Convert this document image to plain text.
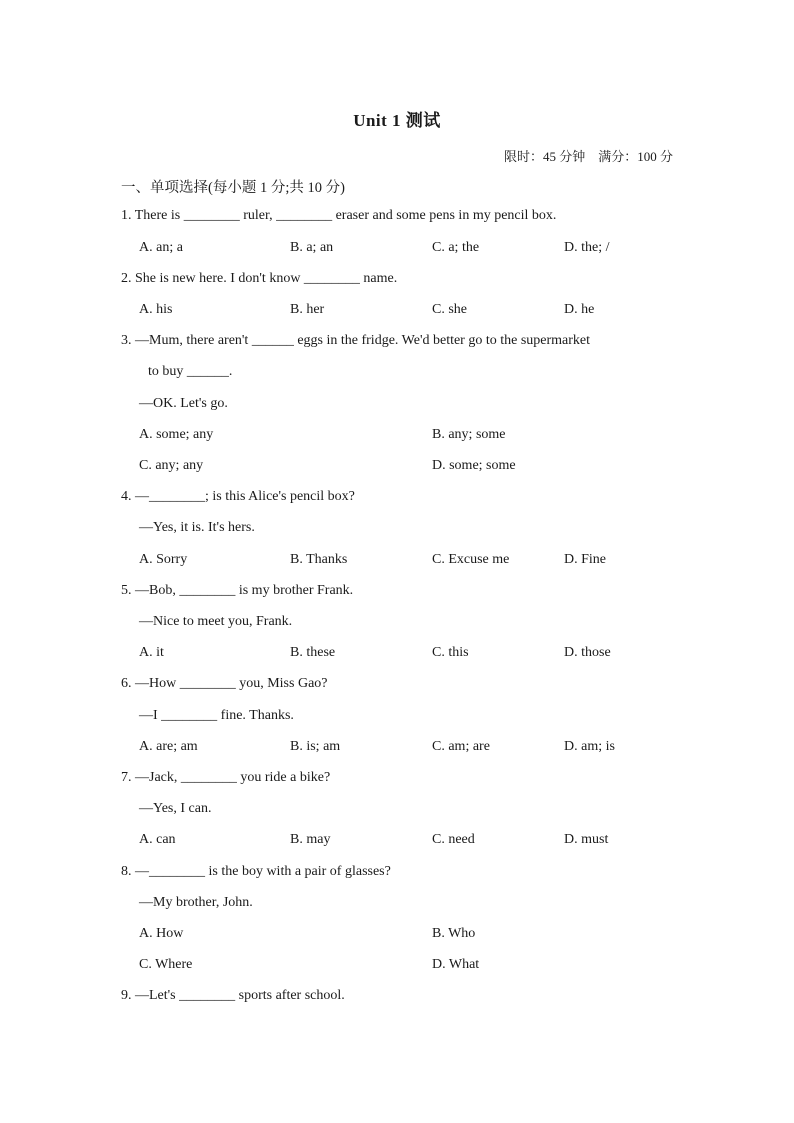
Unit 1 测试
限时：45 分钟　满分：100 分
一、单项选择(每小题 1 分;共 10 分)
1. There is ________ ruler, ________ eraser and some pens in my pencil box.
A. an; a	B. a; an	C. a; the	D. the; /
2. She is new here. I don't know ________ name.
A. his	B. her	C. she	D. he
3. —Mum, there aren't ______ eggs in the fridge. We'd better go to the supermarket
to buy ______.
—OK. Let's go.
A. some; any	B. any; some
C. any; any	D. some; some
4. —________; is this Alice's pencil box?
—Yes, it is. It's hers.
A. Sorry	B. Thanks	C. Excuse me	D. Fine
5. —Bob, ________ is my brother Frank.
—Nice to meet you, Frank.
A. it	B. these	C. this	D. those
6. —How ________ you, Miss Gao?
—I ________ fine. Thanks.
A. are; am	B. is; am	C. am; are	D. am; is
7. —Jack, ________ you ride a bike?
—Yes, I can.
A. can	B. may	C. need	D. must
8. —________ is the boy with a pair of glasses?
—My brother, John.
A. How	B. Who
C. Where	D. What
9. —Let's ________ sports after school.
